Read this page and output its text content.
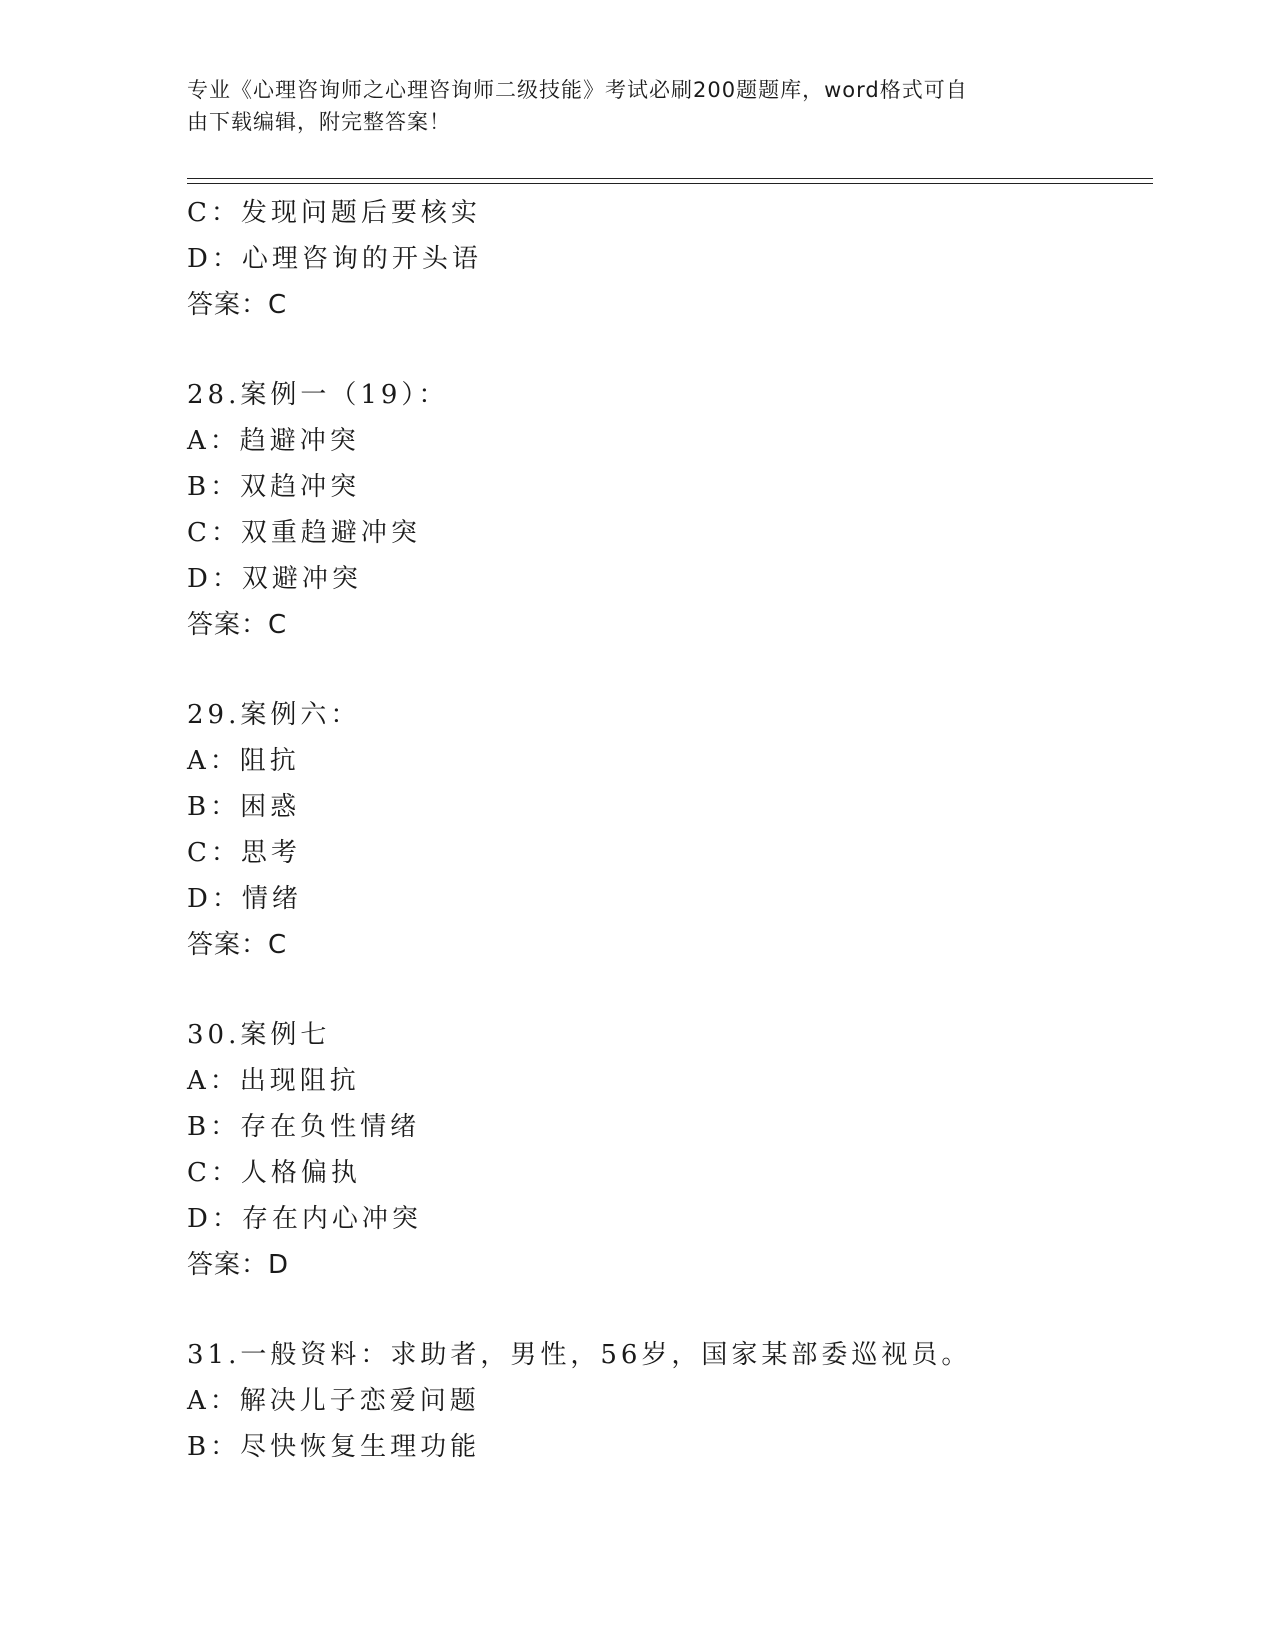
专业《心理咨询师之心理咨询师二级技能》考试必刷200题题库，word格式可自
由下载编辑，附完整答案！
C：发现问题后要核实
D：心理咨询的开头语
答案：C
28.案例一（19）：
A：趋避冲突
B：双趋冲突
C：双重趋避冲突
D：双避冲突
答案：C
29.案例六：
A：阻抗
B：困惑
C：思考
D：情绪
答案：C
30.案例七
A：出现阻抗
B：存在负性情绪
C：人格偏执
D：存在内心冲突
答案：D
31.一般资料：求助者，男性，56岁，国家某部委巡视员。
A：解决儿子恋爱问题
B：尽快恢复生理功能
